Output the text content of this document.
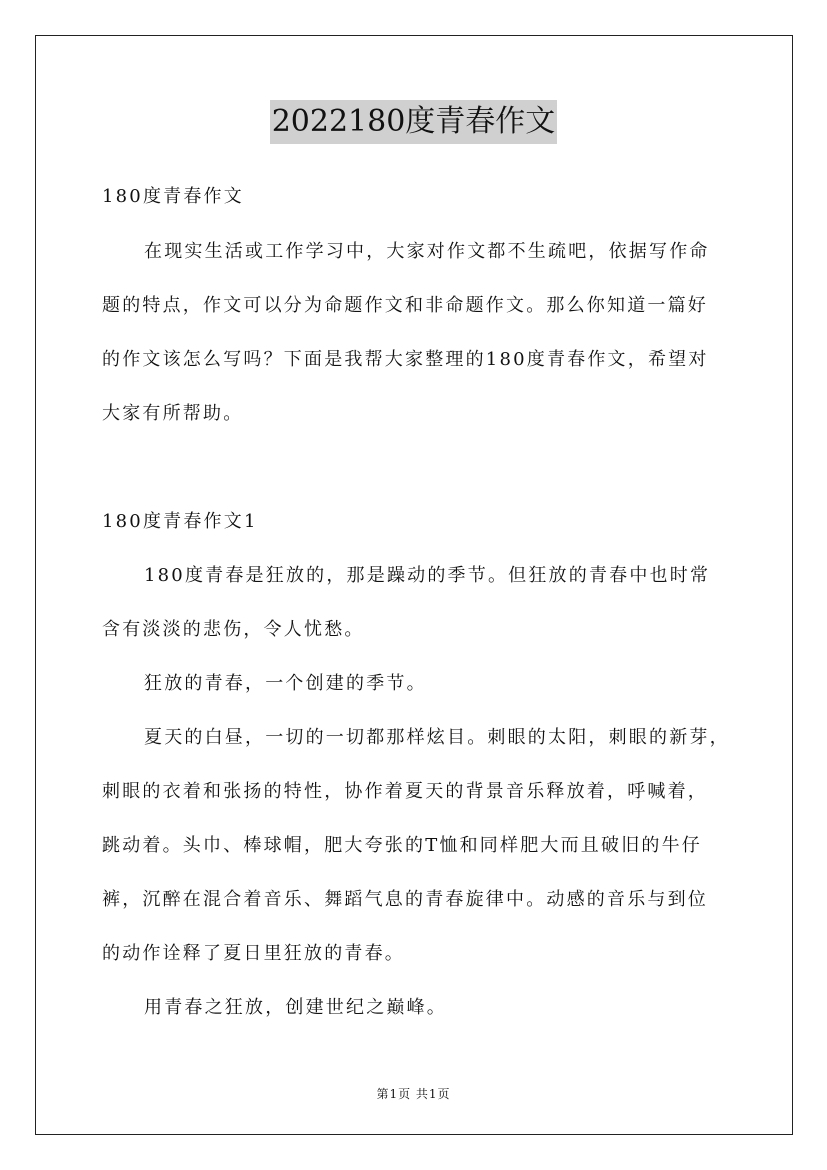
2022180度青春作文
180度青春作文
在现实生活或工作学习中，大家对作文都不生疏吧，依据写作命
题的特点，作文可以分为命题作文和非命题作文。那么你知道一篇好
的作文该怎么写吗？下面是我帮大家整理的180度青春作文，希望对
大家有所帮助。
180度青春作文1
180度青春是狂放的，那是躁动的季节。但狂放的青春中也时常
含有淡淡的悲伤，令人忧愁。
狂放的青春，一个创建的季节。
夏天的白昼，一切的一切都那样炫目。刺眼的太阳，刺眼的新芽，
刺眼的衣着和张扬的特性，协作着夏天的背景音乐释放着，呼喊着，
跳动着。头巾、棒球帽，肥大夸张的T恤和同样肥大而且破旧的牛仔
裤，沉醉在混合着音乐、舞蹈气息的青春旋律中。动感的音乐与到位
的动作诠释了夏日里狂放的青春。
用青春之狂放，创建世纪之巅峰。
第1页 共1页
